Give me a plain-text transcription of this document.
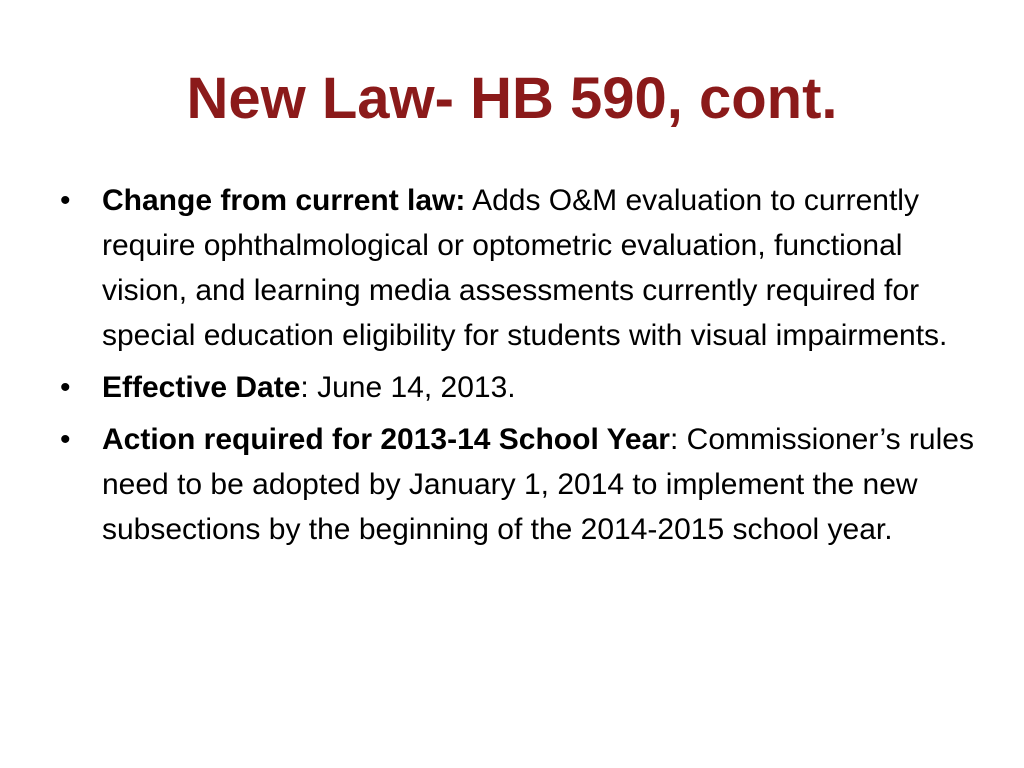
New Law- HB 590, cont.
• Change from current law: Adds O&M evaluation to currently require ophthalmological or optometric evaluation, functional vision, and learning media assessments currently required for special education eligibility for students with visual impairments.
• Effective Date: June 14, 2013.
• Action required for 2013-14 School Year: Commissioner’s rules need to be adopted by January 1, 2014 to implement the new subsections by the beginning of the 2014-2015 school year.
